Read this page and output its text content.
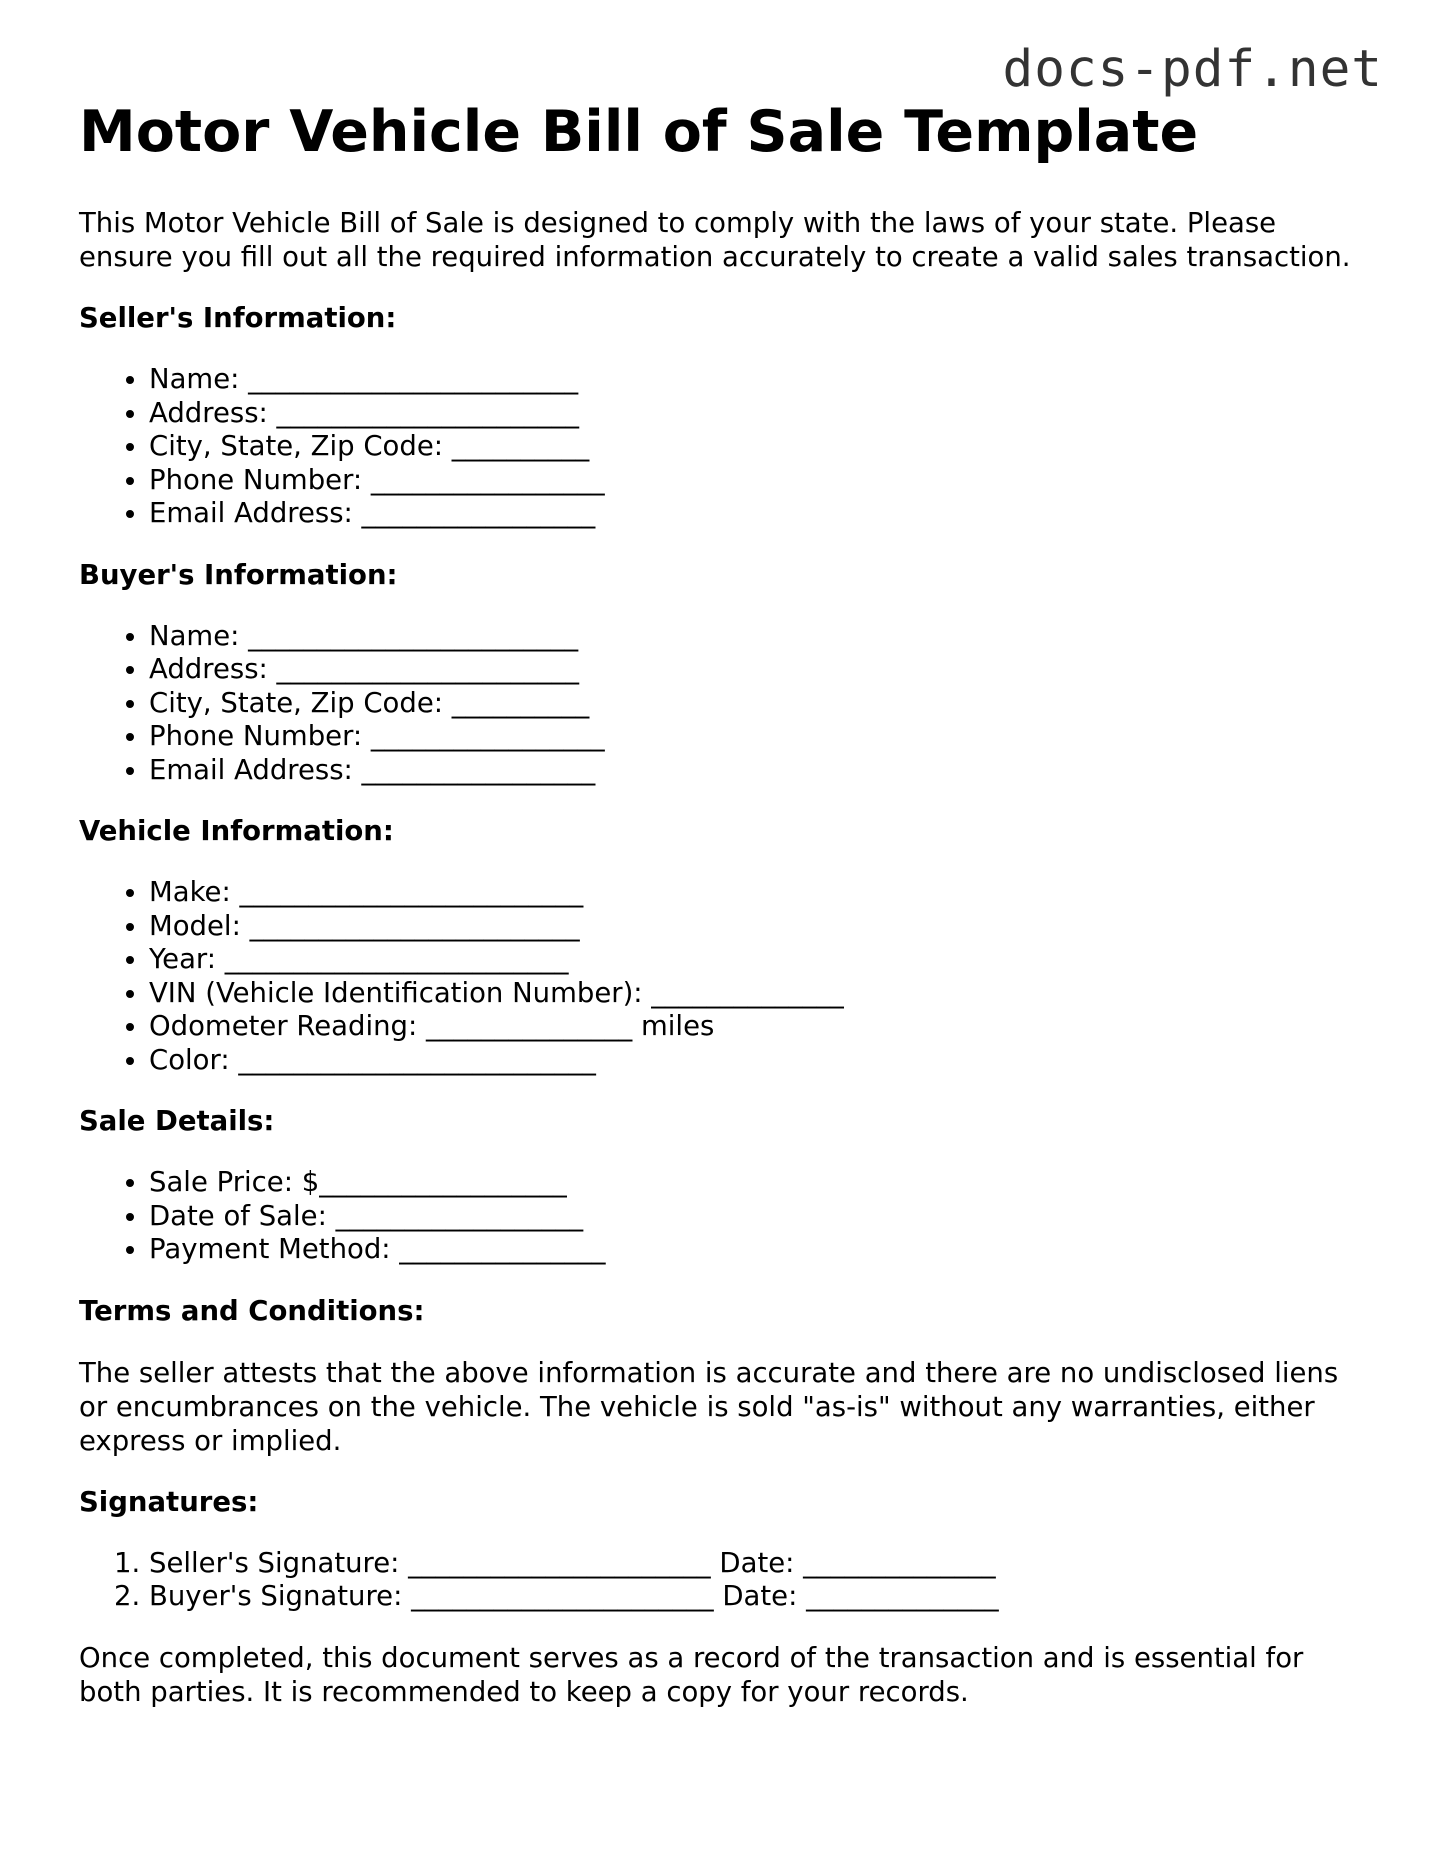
docs-pdf.net
Motor Vehicle Bill of Sale Template

This Motor Vehicle Bill of Sale is designed to comply with the laws of your state. Please ensure you fill out all the required information accurately to create a valid sales transaction.

Seller's Information:
• Name: ________________________
• Address: ______________________
• City, State, Zip Code: __________
• Phone Number: _________________
• Email Address: _________________
Buyer's Information:
• Name: ________________________
• Address: ______________________
• City, State, Zip Code: __________
• Phone Number: _________________
• Email Address: _________________
Vehicle Information:
• Make: _________________________
• Model: ________________________
• Year: _________________________
• VIN (Vehicle Identification Number): ______________
• Odometer Reading: _______________ miles
• Color: __________________________
Sale Details:
• Sale Price: $__________________
• Date of Sale: __________________
• Payment Method: _______________
Terms and Conditions:

The seller attests that the above information is accurate and there are no undisclosed liens or encumbrances on the vehicle. The vehicle is sold "as-is" without any warranties, either express or implied.

Signatures:
1. Seller's Signature: ______________________ Date: ______________
2. Buyer's Signature: ______________________ Date: ______________

Once completed, this document serves as a record of the transaction and is essential for both parties. It is recommended to keep a copy for your records.
